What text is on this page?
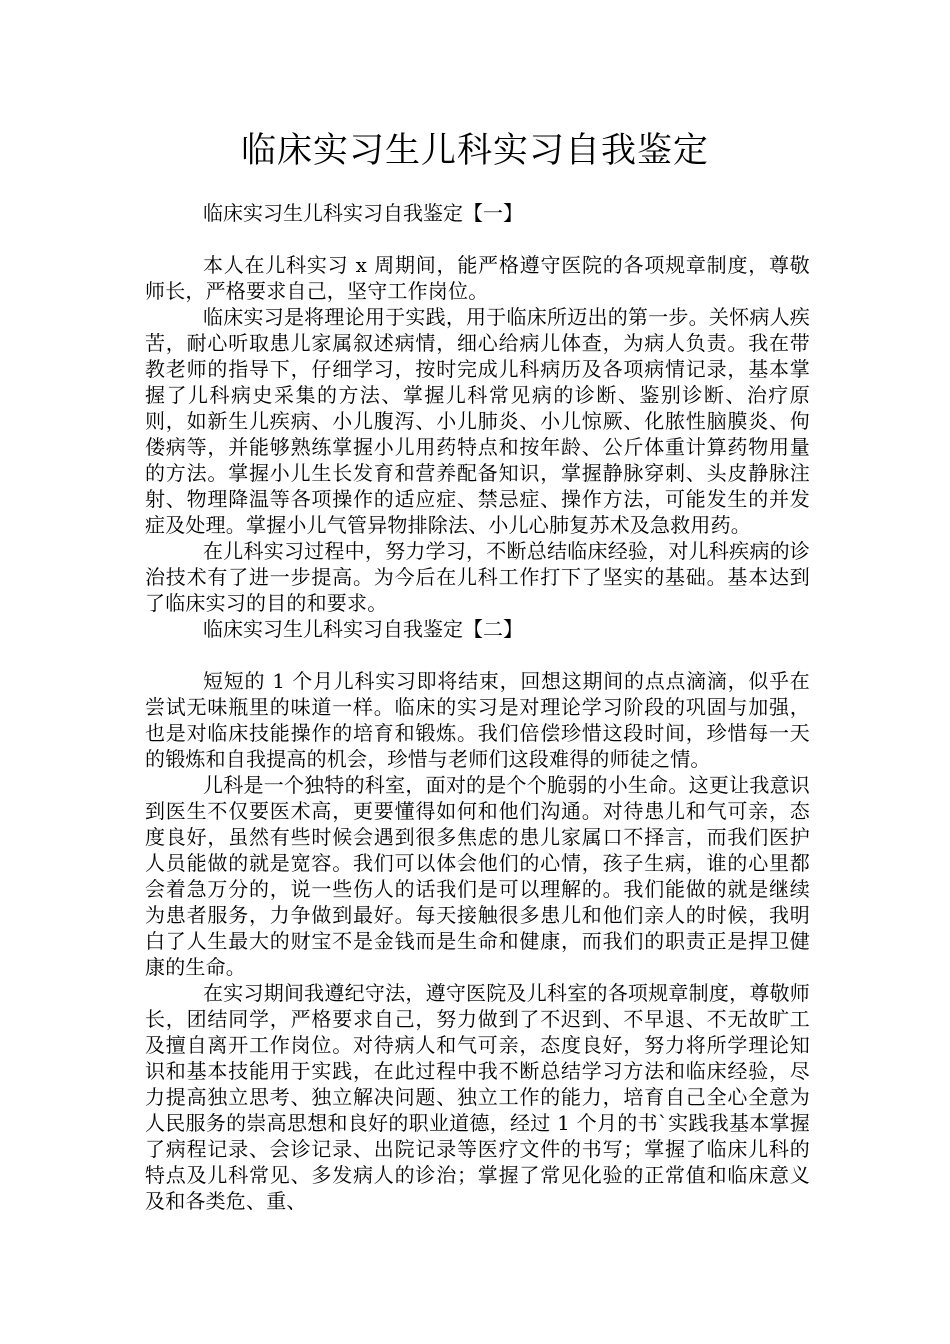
临床实习生儿科实习自我鉴定

临床实习生儿科实习自我鉴定【一】

本人在儿科实习 x 周期间，能严格遵守医院的各项规章制度，尊敬师长，严格要求自己，坚守工作岗位。

临床实习是将理论用于实践，用于临床所迈出的第一步。关怀病人疾苦，耐心听取患儿家属叙述病情，细心给病儿体查，为病人负责。我在带教老师的指导下，仔细学习，按时完成儿科病历及各项病情记录，基本掌握了儿科病史采集的方法、掌握儿科常见病的诊断、鉴别诊断、治疗原则，如新生儿疾病、小儿腹泻、小儿肺炎、小儿惊厥、化脓性脑膜炎、佝偻病等，并能够熟练掌握小儿用药特点和按年龄、公斤体重计算药物用量的方法。掌握小儿生长发育和营养配备知识，掌握静脉穿刺、头皮静脉注射、物理降温等各项操作的适应症、禁忌症、操作方法，可能发生的并发症及处理。掌握小儿气管异物排除法、小儿心肺复苏术及急救用药。

在儿科实习过程中，努力学习，不断总结临床经验，对儿科疾病的诊治技术有了进一步提高。为今后在儿科工作打下了坚实的基础。基本达到了临床实习的目的和要求。

临床实习生儿科实习自我鉴定【二】

短短的 1 个月儿科实习即将结束，回想这期间的点点滴滴，似乎在尝试无味瓶里的味道一样。临床的实习是对理论学习阶段的巩固与加强，也是对临床技能操作的培育和锻炼。我们倍偿珍惜这段时间，珍惜每一天的锻炼和自我提高的机会，珍惜与老师们这段难得的师徒之情。

儿科是一个独特的科室，面对的是个个脆弱的小生命。这更让我意识到医生不仅要医术高，更要懂得如何和他们沟通。对待患儿和气可亲，态度良好，虽然有些时候会遇到很多焦虑的患儿家属口不择言，而我们医护人员能做的就是宽容。我们可以体会他们的心情，孩子生病，谁的心里都会着急万分的，说一些伤人的话我们是可以理解的。我们能做的就是继续为患者服务，力争做到最好。每天接触很多患儿和他们亲人的时候，我明白了人生最大的财宝不是金钱而是生命和健康，而我们的职责正是捍卫健康的生命。

在实习期间我遵纪守法，遵守医院及儿科室的各项规章制度，尊敬师长，团结同学，严格要求自己，努力做到了不迟到、不早退、不无故旷工及擅自离开工作岗位。对待病人和气可亲，态度良好，努力将所学理论知识和基本技能用于实践，在此过程中我不断总结学习方法和临床经验，尽力提高独立思考、独立解决问题、独立工作的能力，培育自己全心全意为人民服务的崇高思想和良好的职业道德，经过 1 个月的书`实践我基本掌握了病程记录、会诊记录、出院记录等医疗文件的书写；掌握了临床儿科的特点及儿科常见、多发病人的诊治；掌握了常见化验的正常值和临床意义及和各类危、重、
